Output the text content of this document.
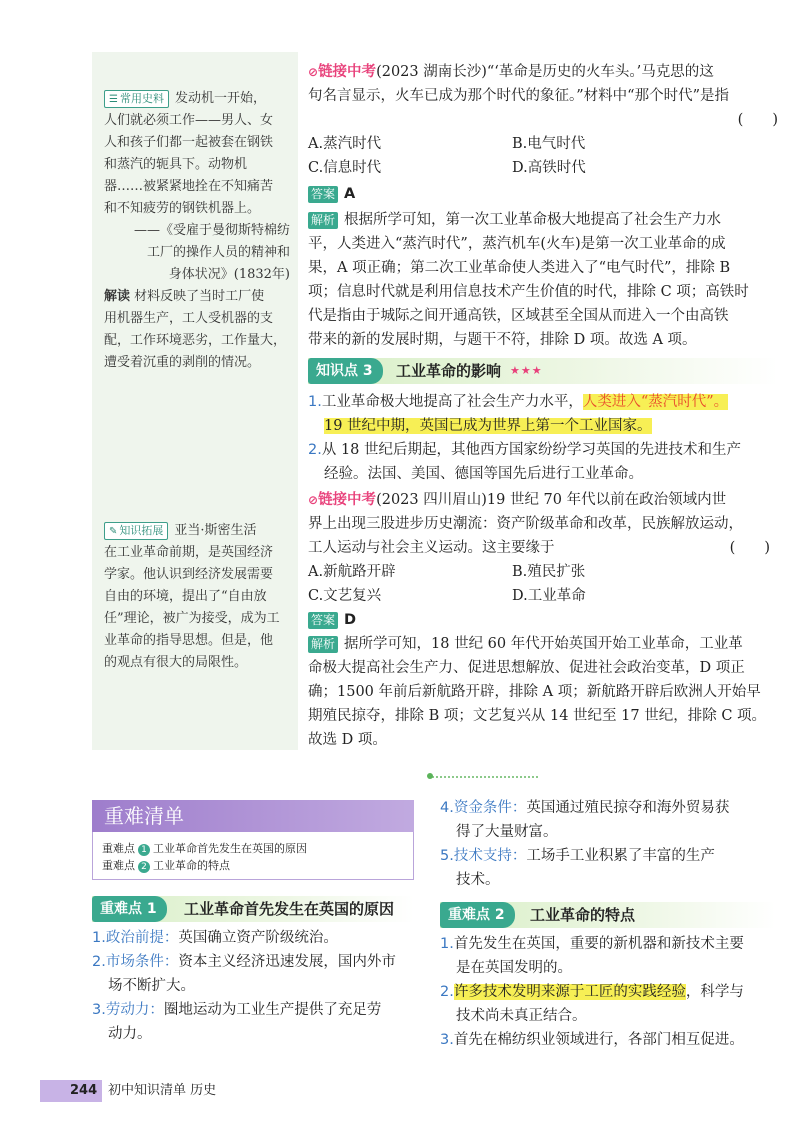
☰ 常用史料 发动机一开始，
人们就必须工作——男人、女
人和孩子们都一起被套在钢铁
和蒸汽的轭具下。动物机
器……被紧紧地拴在不知痛苦
和不知疲劳的钢铁机器上。
——《受雇于曼彻斯特棉纺
工厂的操作人员的精神和
身体状况》(1832年)
解读 材料反映了当时工厂使
用机器生产，工人受机器的支
配，工作环境恶劣，工作量大，
遭受着沉重的剥削的情况。
✎ 知识拓展 亚当·斯密生活
在工业革命前期，是英国经济
学家。他认识到经济发展需要
自由的环境，提出了“自由放
任”理论，被广为接受，成为工
业革命的指导思想。但是，他
的观点有很大的局限性。
⊘链接中考(2023 湖南长沙)“‘革命是历史的火车头。’马克思的这
句名言显示，火车已成为那个时代的象征。”材料中“那个时代”是指
(　　)
A.蒸汽时代	B.电气时代
C.信息时代	D.高铁时代
答案 A
解析 根据所学可知，第一次工业革命极大地提高了社会生产力水
平，人类进入“蒸汽时代”，蒸汽机车(火车)是第一次工业革命的成
果，A 项正确；第二次工业革命使人类进入了“电气时代”，排除 B
项；信息时代就是利用信息技术产生价值的时代，排除 C 项；高铁时
代是指由于城际之间开通高铁，区域甚至全国从而进入一个由高铁
带来的新的发展时期，与题干不符，排除 D 项。故选 A 项。
知识点 3	工业革命的影响 ★★★
1.工业革命极大地提高了社会生产力水平，人类进入“蒸汽时代”。
19 世纪中期，英国已成为世界上第一个工业国家。
2.从 18 世纪后期起，其他西方国家纷纷学习英国的先进技术和生产
经验。法国、美国、德国等国先后进行工业革命。
⊘链接中考(2023 四川眉山)19 世纪 70 年代以前在政治领域内世
界上出现三股进步历史潮流：资产阶级革命和改革，民族解放运动，
工人运动与社会主义运动。这主要缘于	(　　)
A.新航路开辟	B.殖民扩张
C.文艺复兴	D.工业革命
答案 D
解析 据所学可知，18 世纪 60 年代开始英国开始工业革命，工业革
命极大提高社会生产力、促进思想解放、促进社会政治变革，D 项正
确；1500 年前后新航路开辟，排除 A 项；新航路开辟后欧洲人开始早
期殖民掠夺，排除 B 项；文艺复兴从 14 世纪至 17 世纪，排除 C 项。
故选 D 项。
重难清单
重难点 1 工业革命首先发生在英国的原因
重难点 2 工业革命的特点
重难点 1	工业革命首先发生在英国的原因
1.政治前提：英国确立资产阶级统治。
2.市场条件：资本主义经济迅速发展，国内外市
场不断扩大。
3.劳动力：圈地运动为工业生产提供了充足劳
动力。
4.资金条件：英国通过殖民掠夺和海外贸易获
得了大量财富。
5.技术支持：工场手工业积累了丰富的生产
技术。
重难点 2	工业革命的特点
1.首先发生在英国，重要的新机器和新技术主要
是在英国发明的。
2.许多技术发明来源于工匠的实践经验，科学与
技术尚未真正结合。
3.首先在棉纺织业领域进行，各部门相互促进。
244 初中知识清单 历史
